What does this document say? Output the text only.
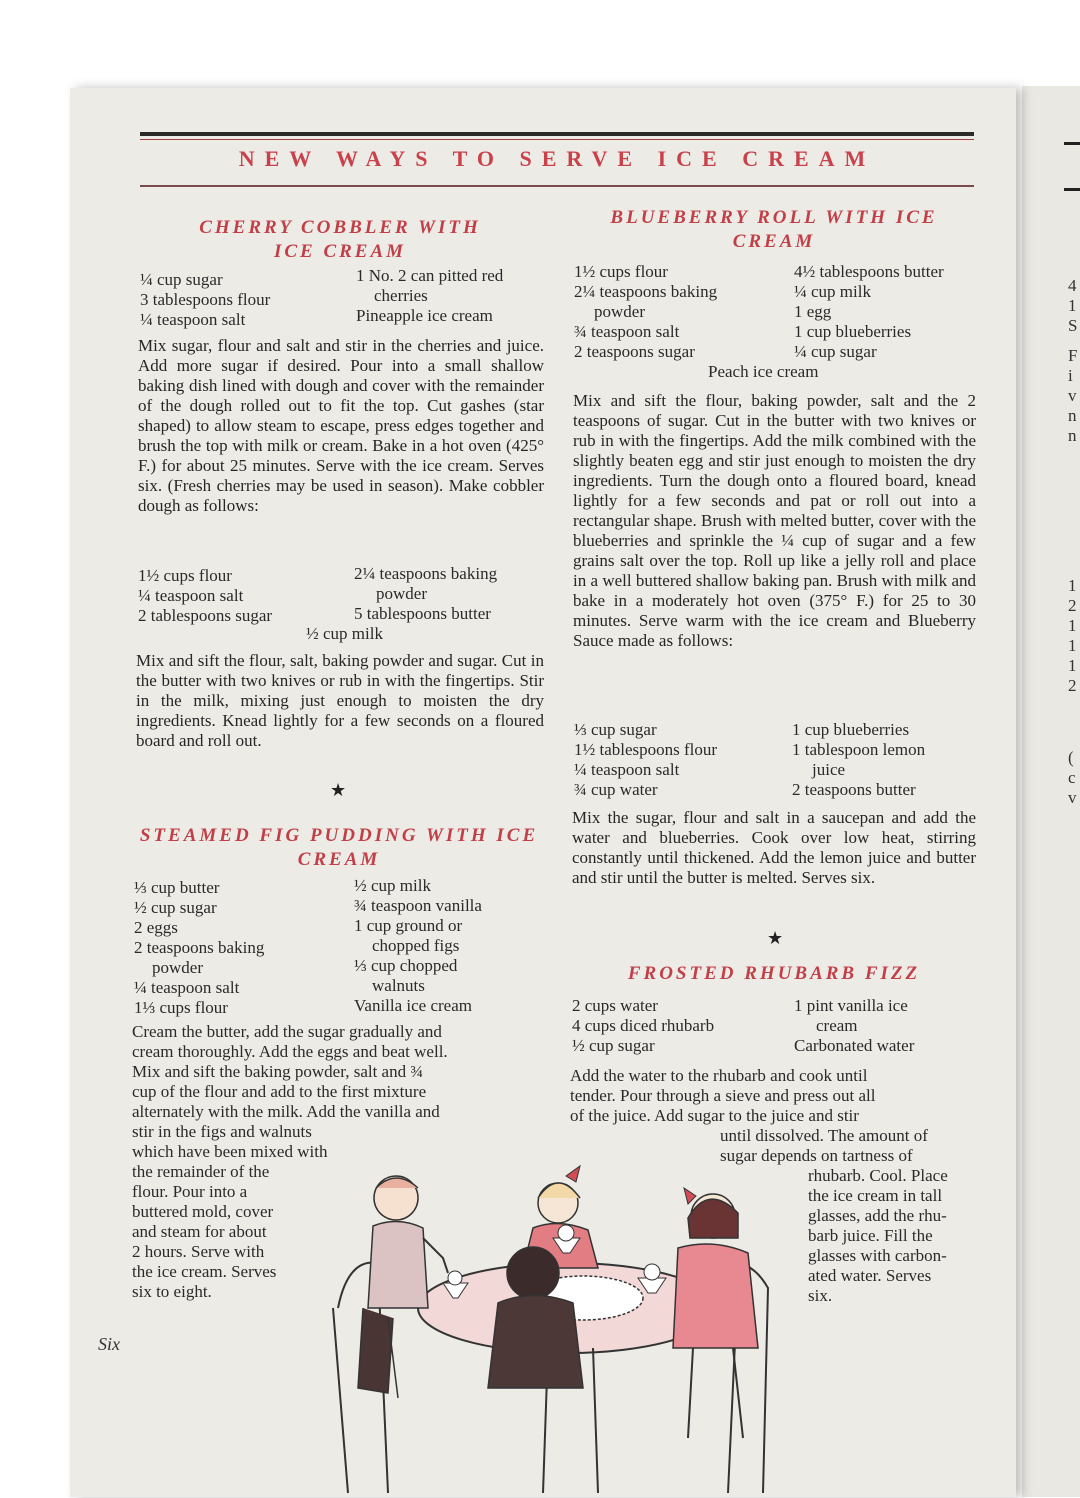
4
1
S
F
i
v
n
n
1
2
1
1
1
2
(
c
v
NEW WAYS TO SERVE ICE CREAM
CHERRY COBBLER WITH ICE CREAM
¼ cup sugar
3 tablespoons flour
¼ teaspoon salt
1 No. 2 can pitted red
cherries
Pineapple ice cream

Mix sugar, flour and salt and stir in the cherries and juice. Add more sugar if desired. Pour into a small shallow baking dish lined with dough and cover with the remainder of the dough rolled out to fit the top. Cut gashes (star shaped) to allow steam to escape, press edges together and brush the top with milk or cream. Bake in a hot oven (425° F.) for about 25 minutes. Serve with the ice cream. Serves six. (Fresh cherries may be used in season). Make cobbler dough as follows:

1½ cups flour
¼ teaspoon salt
2 tablespoons sugar
2¼ teaspoons baking
powder
5 tablespoons butter
½ cup milk

Mix and sift the flour, salt, baking powder and sugar. Cut in the butter with two knives or rub in with the fingertips. Stir in the milk, mixing just enough to moisten the dry ingredients. Knead lightly for a few seconds on a floured board and roll out.

★
STEAMED FIG PUDDING WITH ICE CREAM
⅓ cup butter
½ cup sugar
2 eggs
2 teaspoons baking
powder
¼ teaspoon salt
1⅓ cups flour
½ cup milk
¾ teaspoon vanilla
1 cup ground or
chopped figs
⅓ cup chopped
walnuts
Vanilla ice cream
Cream the butter, add the sugar gradually and
cream thoroughly. Add the eggs and beat well.
Mix and sift the baking powder, salt and ¾
cup of the flour and add to the first mixture
alternately with the milk. Add the vanilla and
stir in the figs and walnuts
which have been mixed with
the remainder of the
flour. Pour into a
buttered mold, cover
and steam for about
2 hours. Serve with
the ice cream. Serves
six to eight.
BLUEBERRY ROLL WITH ICE CREAM
1½ cups flour
2¼ teaspoons baking
powder
¾ teaspoon salt
2 teaspoons sugar
4½ tablespoons butter
¼ cup milk
1 egg
1 cup blueberries
¼ cup sugar
Peach ice cream

Mix and sift the flour, baking powder, salt and the 2 teaspoons of sugar. Cut in the butter with two knives or rub in with the fingertips. Add the milk combined with the slightly beaten egg and stir just enough to moisten the dry ingredients. Turn the dough onto a floured board, knead lightly for a few seconds and pat or roll out into a rectangular shape. Brush with melted butter, cover with the blueberries and sprinkle the ¼ cup of sugar and a few grains salt over the top. Roll up like a jelly roll and place in a well buttered shallow baking pan. Brush with milk and bake in a moderately hot oven (375° F.) for 25 to 30 minutes. Serve warm with the ice cream and Blueberry Sauce made as follows:

⅓ cup sugar
1½ tablespoons flour
¼ teaspoon salt
¾ cup water
1 cup blueberries
1 tablespoon lemon
juice
2 teaspoons butter

Mix the sugar, flour and salt in a saucepan and add the water and blueberries. Cook over low heat, stirring constantly until thickened. Add the lemon juice and butter and stir until the butter is melted. Serves six.

★
FROSTED RHUBARB FIZZ
2 cups water
4 cups diced rhubarb
½ cup sugar
1 pint vanilla ice
cream
Carbonated water
Add the water to the rhubarb and cook until
tender. Pour through a sieve and press out all
of the juice. Add sugar to the juice and stir
until dissolved. The amount of
sugar depends on tartness of
rhubarb. Cool. Place
the ice cream in tall
glasses, add the rhu-
barb juice. Fill the
glasses with carbon-
ated water. Serves
six.
Six
